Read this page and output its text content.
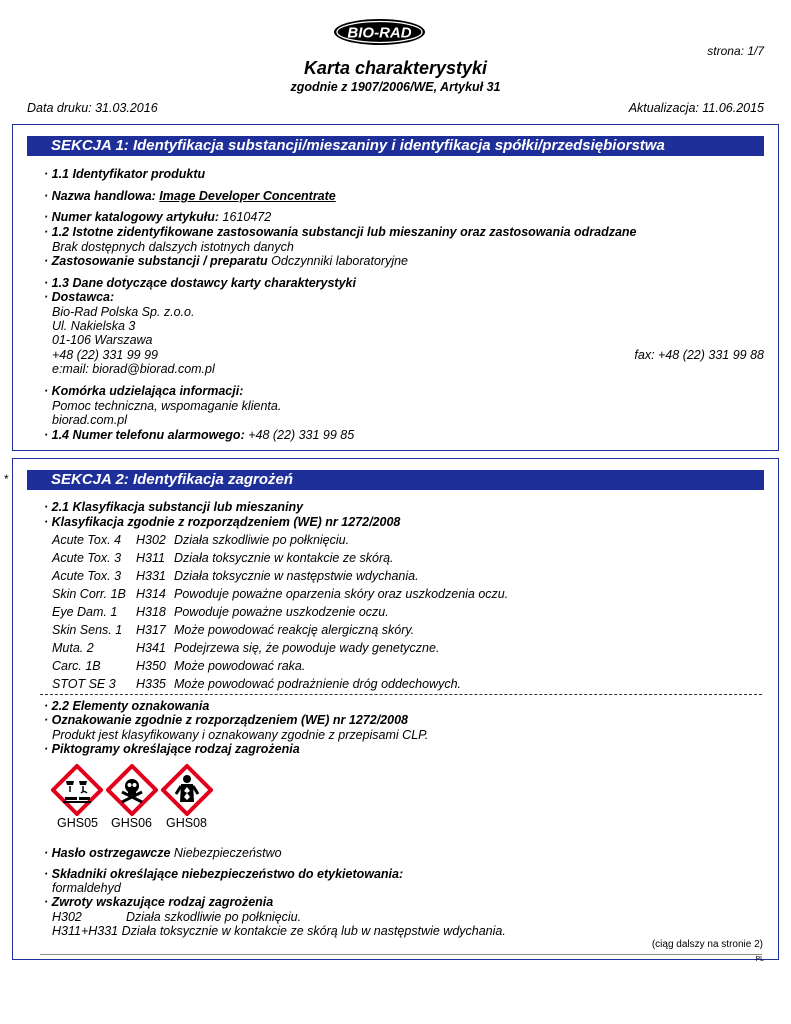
BIO-RAD
strona: 1/7
Karta charakterystyki
zgodnie z 1907/2006/WE, Artykuł 31
Data druku: 31.03.2016	Aktualizacja: 11.06.2015
SEKCJA 1: Identyfikacja substancji/mieszaniny i identyfikacja spółki/przedsiębiorstwa
· 1.1 Identyfikator produktu
· Nazwa handlowa: Image Developer Concentrate
· Numer katalogowy artykułu: 1610472
· 1.2 Istotne zidentyfikowane zastosowania substancji lub mieszaniny oraz zastosowania odradzane
Brak dostępnych dalszych istotnych danych
· Zastosowanie substancji / preparatu Odczynniki laboratoryjne
· 1.3 Dane dotyczące dostawcy karty charakterystyki
· Dostawca:
Bio-Rad Polska Sp. z.o.o.
Ul. Nakielska 3
01-106 Warszawa
+48 (22) 331 99 99	fax: +48 (22) 331 99 88
e:mail: biorad@biorad.com.pl
· Komórka udzielająca informacji:
Pomoc techniczna, wspomaganie klienta.
biorad.com.pl
· 1.4 Numer telefonu alarmowego: +48 (22) 331 99 85
*	SEKCJA 2: Identyfikacja zagrożeń
· 2.1 Klasyfikacja substancji lub mieszaniny
· Klasyfikacja zgodnie z rozporządzeniem (WE) nr 1272/2008
Acute Tox. 4 H302 Działa szkodliwie po połknięciu.
Acute Tox. 3 H311 Działa toksycznie w kontakcie ze skórą.
Acute Tox. 3 H331 Działa toksycznie w następstwie wdychania.
Skin Corr. 1B H314 Powoduje poważne oparzenia skóry oraz uszkodzenia oczu.
Eye Dam. 1 H318 Powoduje poważne uszkodzenie oczu.
Skin Sens. 1 H317 Może powodować reakcję alergiczną skóry.
Muta. 2	H341 Podejrzewa się, że powoduje wady genetyczne.
Carc. 1B	H350 Może powodować raka.
STOT SE 3 H335 Może powodować podrażnienie dróg oddechowych.
· 2.2 Elementy oznakowania
· Oznakowanie zgodnie z rozporządzeniem (WE) nr 1272/2008
Produkt jest klasyfikowany i oznakowany zgodnie z przepisami CLP.
· Piktogramy określające rodzaj zagrożenia
GHS05 GHS06 GHS08
· Hasło ostrzegawcze Niebezpieczeństwo
· Składniki określające niebezpieczeństwo do etykietowania:
formaldehyd
· Zwroty wskazujące rodzaj zagrożenia
H302	Działa szkodliwie po połknięciu.
H311+H331 Działa toksycznie w kontakcie ze skórą lub w następstwie wdychania.
(ciąg dalszy na stronie 2)
PL
